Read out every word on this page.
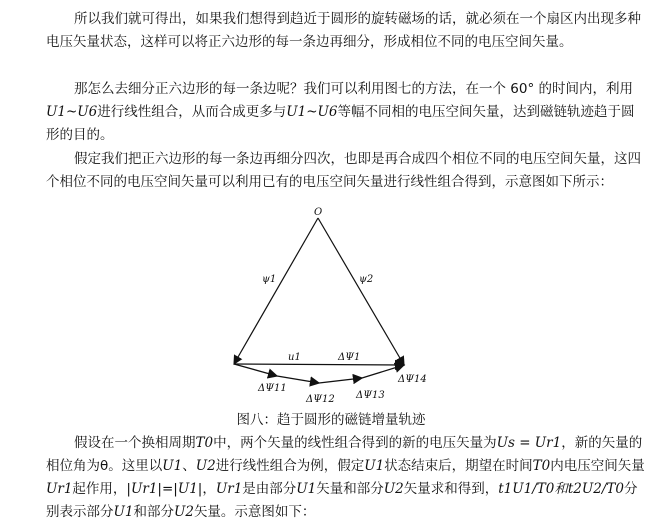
所以我们就可得出，如果我们想得到趋近于圆形的旋转磁场的话，就必须在一个扇区内出现多种电压矢量状态，这样可以将正六边形的每一条边再细分，形成相位不同的电压空间矢量。

那怎么去细分正六边形的每一条边呢？我们可以利用图七的方法，在一个 60° 的时间内，利用U1~U6进行线性组合，从而合成更多与U1~U6等幅不同相的电压空间矢量，达到磁链轨迹趋于圆形的目的。

假定我们把正六边形的每一条边再细分四次，也即是再合成四个相位不同的电压空间矢量，这四个相位不同的电压空间矢量可以利用已有的电压空间矢量进行线性组合得到，示意图如下所示：

O
ψ1	ψ2
u1	ΔΨ1
ΔΨ11
ΔΨ12 ΔΨ13
ΔΨ14
图八：趋于圆形的磁链增量轨迹

假设在一个换相周期T0中，两个矢量的线性组合得到的新的电压矢量为Us = Ur1，新的矢量的相位角为θ。这里以U1、U2进行线性组合为例，假定U1状态结束后，期望在时间T0内电压空间矢量Ur1起作用，|Ur1|=|U1|，Ur1是由部分U1矢量和部分U2矢量求和得到，t1U1/T0和t2U2/T0分别表示部分U1和部分U2矢量。示意图如下：
